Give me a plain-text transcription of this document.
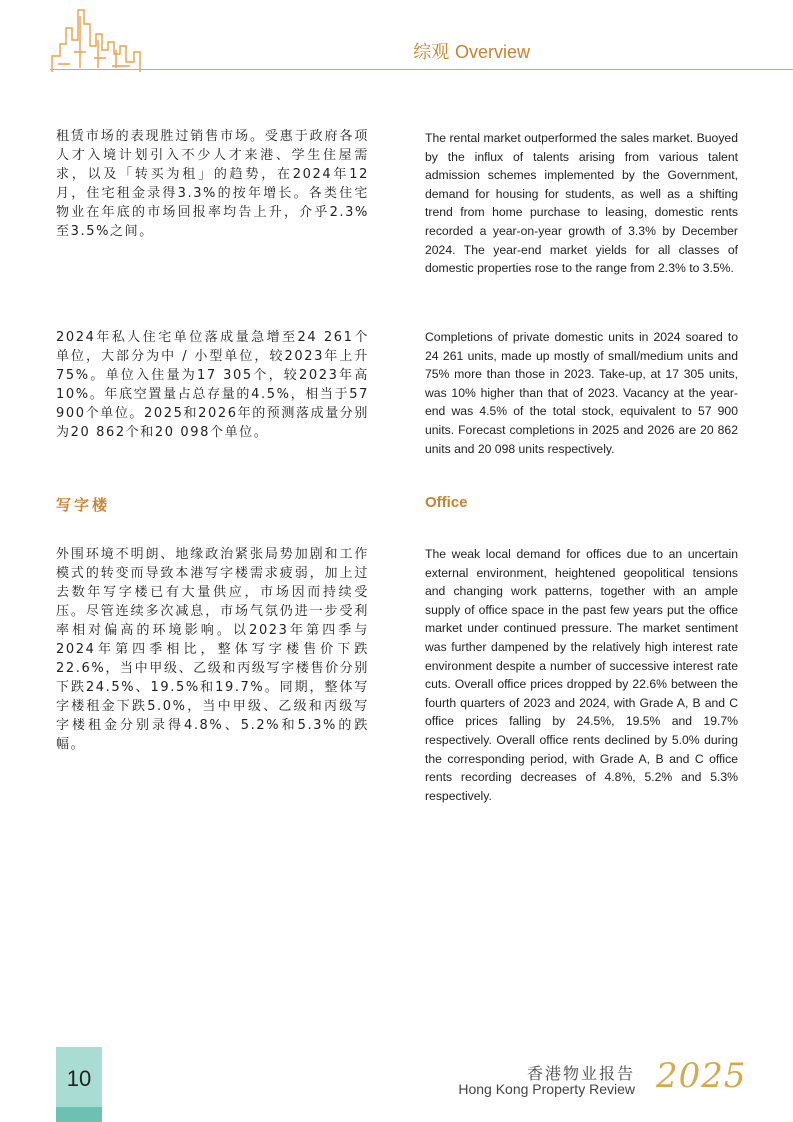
综观 Overview

租赁市场的表现胜过销售市场。受惠于政府各项人才入境计划引入不少人才来港、学生住屋需求，以及「转买为租」的趋势，在2024年12月，住宅租金录得3.3%的按年增长。各类住宅物业在年底的市场回报率均告上升，介乎2.3%至3.5%之间。

The rental market outperformed the sales market. Buoyed by the influx of talents arising from various talent admission schemes implemented by the Government, demand for housing for students, as well as a shifting trend from home purchase to leasing, domestic rents recorded a year-on-year growth of 3.3% by December 2024. The year-end market yields for all classes of domestic properties rose to the range from 2.3% to 3.5%.

2024年私人住宅单位落成量急增至24 261个单位，大部分为中 / 小型单位，较2023年上升75%。单位入住量为17 305个，较2023年高10%。年底空置量占总存量的4.5%，相当于57 900个单位。2025和2026年的预测落成量分别为20 862个和20 098个单位。

Completions of private domestic units in 2024 soared to 24 261 units, made up mostly of small/medium units and 75% more than those in 2023. Take-up, at 17 305 units, was 10% higher than that of 2023. Vacancy at the year-end was 4.5% of the total stock, equivalent to 57 900 units. Forecast completions in 2025 and 2026 are 20 862 units and 20 098 units respectively.

写字楼	Office

外围环境不明朗、地缘政治紧张局势加剧和工作模式的转变而导致本港写字楼需求疲弱，加上过去数年写字楼已有大量供应，市场因而持续受压。尽管连续多次减息，市场气氛仍进一步受利率相对偏高的环境影响。以2023年第四季与2024年第四季相比，整体写字楼售价下跌22.6%，当中甲级、乙级和丙级写字楼售价分别下跌24.5%、19.5%和19.7%。同期，整体写字楼租金下跌5.0%，当中甲级、乙级和丙级写字楼租金分别录得4.8%、5.2%和5.3%的跌幅。

The weak local demand for offices due to an uncertain external environment, heightened geopolitical tensions and changing work patterns, together with an ample supply of office space in the past few years put the office market under continued pressure. The market sentiment was further dampened by the relatively high interest rate environment despite a number of successive interest rate cuts. Overall office prices dropped by 22.6% between the fourth quarters of 2023 and 2024, with Grade A, B and C office prices falling by 24.5%, 19.5% and 19.7% respectively. Overall office rents declined by 5.0% during the corresponding period, with Grade A, B and C office rents recording decreases of 4.8%, 5.2% and 5.3% respectively.

10	香港物业报告
Hong Kong Property Review 2025
